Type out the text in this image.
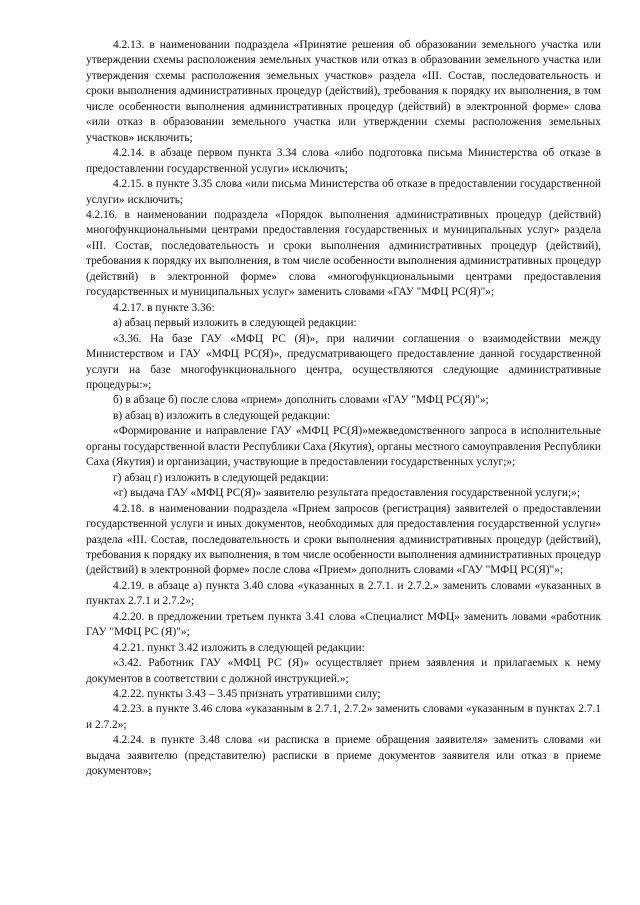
4.2.13. в наименовании подраздела «Принятие решения об образовании земельного участка или утверждении схемы расположения земельных участков или отказ в образовании земельного участка или утверждения схемы расположения земельных участков» раздела «III. Состав, последовательность и сроки выполнения административных процедур (действий), требования к порядку их выполнения, в том числе особенности выполнения административных процедур (действий) в электронной форме» слова «или отказ в образовании земельного участка или утверждении схемы расположения земельных участков» исключить;

4.2.14. в абзаце первом пункта 3.34 слова «либо подготовка письма Министерства об отказе в предоставлении государственной услуги» исключить;

4.2.15. в пункте 3.35 слова «или письма Министерства об отказе в предоставлении государственной услуги» исключить;

4.2.16. в наименовании подраздела «Порядок выполнения административных процедур (действий) многофункциональными центрами предоставления государственных и муниципальных услуг» раздела «III. Состав, последовательность и сроки выполнения административных процедур (действий), требования к порядку их выполнения, в том числе особенности выполнения административных процедур (действий) в электронной форме» слова «многофункциональными центрами предоставления государственных и муниципальных услуг» заменить словами «ГАУ "МФЦ РС(Я)"»;

4.2.17. в пункте 3.36:

а) абзац первый изложить в следующей редакции:

«3.36. На базе ГАУ «МФЦ РС (Я)», при наличии соглашения о взаимодействии между Министерством и ГАУ «МФЦ РС(Я)», предусматривающего предоставление данной государственной услуги на базе многофункционального центра, осуществляются следующие административные процедуры:»;

б) в абзаце б) после слова «прием» дополнить словами «ГАУ "МФЦ РС(Я)"»;

в) абзац в) изложить в следующей редакции:

«Формирование и направление ГАУ «МФЦ РС(Я)»межведомственного запроса в исполнительные органы государственной власти Республики Саха (Якутия), органы местного самоуправления Республики Саха (Якутия) и организации, участвующие в предоставлении государственных услуг;»;

г) абзац г) изложить в следующей редакции:

«г) выдача ГАУ «МФЦ РС(Я)» заявителю результата предоставления государственной услуги;»;

4.2.18. в наименовании подраздела «Прием запросов (регистрация) заявителей о предоставлении государственной услуги и иных документов, необходимых для предоставления государственной услуги» раздела «III. Состав, последовательность и сроки выполнения административных процедур (действий), требования к порядку их выполнения, в том числе особенности выполнения административных процедур (действий) в электронной форме» после слова «Прием» дополнить словами «ГАУ "МФЦ РС(Я)"»;

4.2.19. в абзаце а) пункта 3.40 слова «указанных в 2.7.1. и 2.7.2.» заменить словами «указанных в пунктах 2.7.1 и 2.7.2»;

4.2.20. в предложении третьем пункта 3.41 слова «Специалист МФЦ» заменить ловами «работник ГАУ "МФЦ РС (Я)"»;

4.2.21. пункт 3.42 изложить в следующей редакции:

«3.42. Работник ГАУ «МФЦ РС (Я)» осуществляет прием заявления и прилагаемых к нему документов в соответствии с должной инструкцией.»;

4.2.22. пункты 3.43 – 3.45 признать утратившими силу;

4.2.23. в пункте 3.46 слова «указанным в 2.7.1, 2.7.2» заменить словами «указанным в пунктах 2.7.1 и 2.7.2»;

4.2.24. в пункте 3.48 слова «и расписка в приеме обращения заявителя» заменить словами «и выдача заявителю (представителю) расписки в приеме документов заявителя или отказ в приеме документов»;
